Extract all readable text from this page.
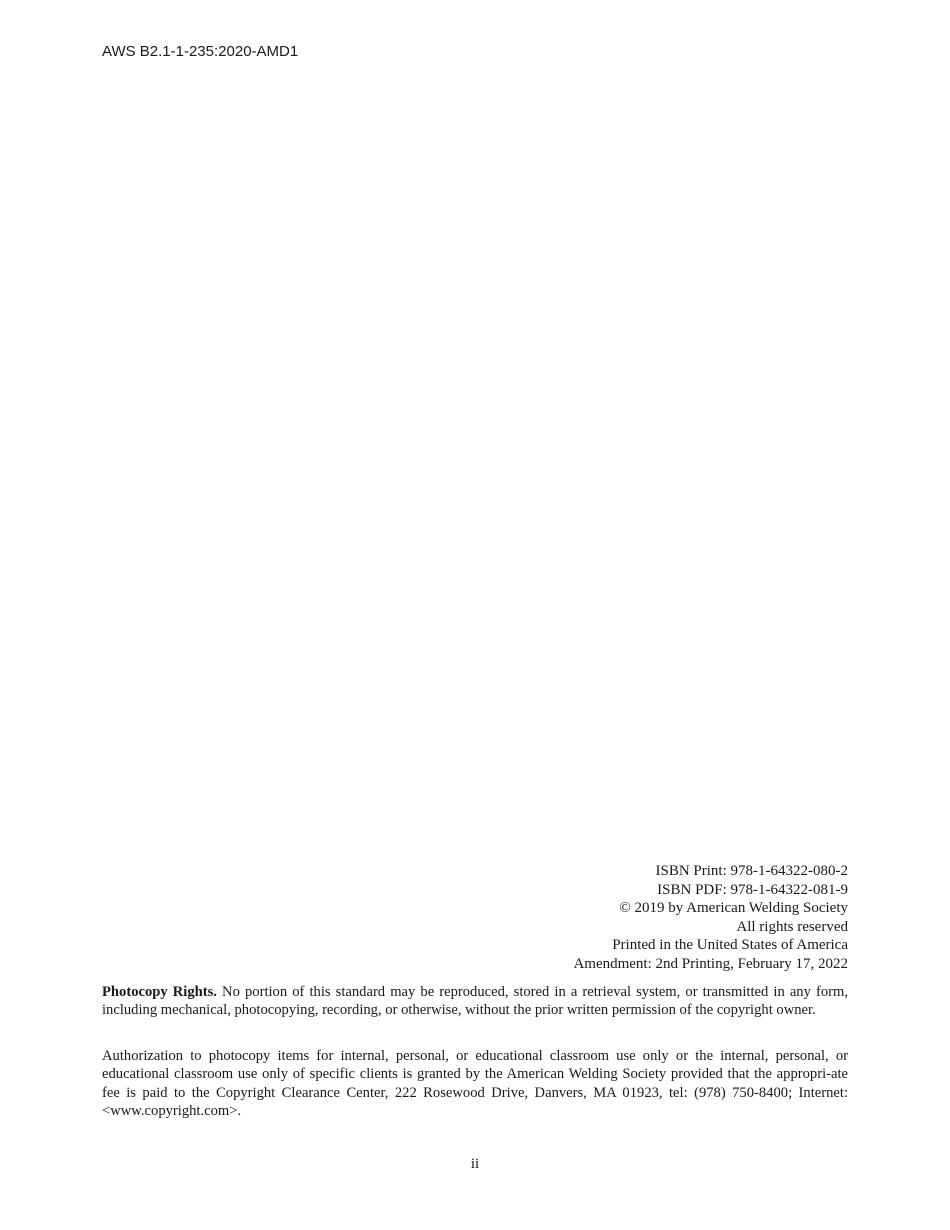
AWS B2.1-1-235:2020-AMD1
ISBN Print: 978-1-64322-080-2
ISBN PDF: 978-1-64322-081-9
© 2019 by American Welding Society
All rights reserved
Printed in the United States of America
Amendment: 2nd Printing, February 17, 2022
Photocopy Rights. No portion of this standard may be reproduced, stored in a retrieval system, or transmitted in any form, including mechanical, photocopying, recording, or otherwise, without the prior written permission of the copyright owner.
Authorization to photocopy items for internal, personal, or educational classroom use only or the internal, personal, or educational classroom use only of specific clients is granted by the American Welding Society provided that the appropri-ate fee is paid to the Copyright Clearance Center, 222 Rosewood Drive, Danvers, MA 01923, tel: (978) 750-8400; Internet: <www.copyright.com>.
ii
